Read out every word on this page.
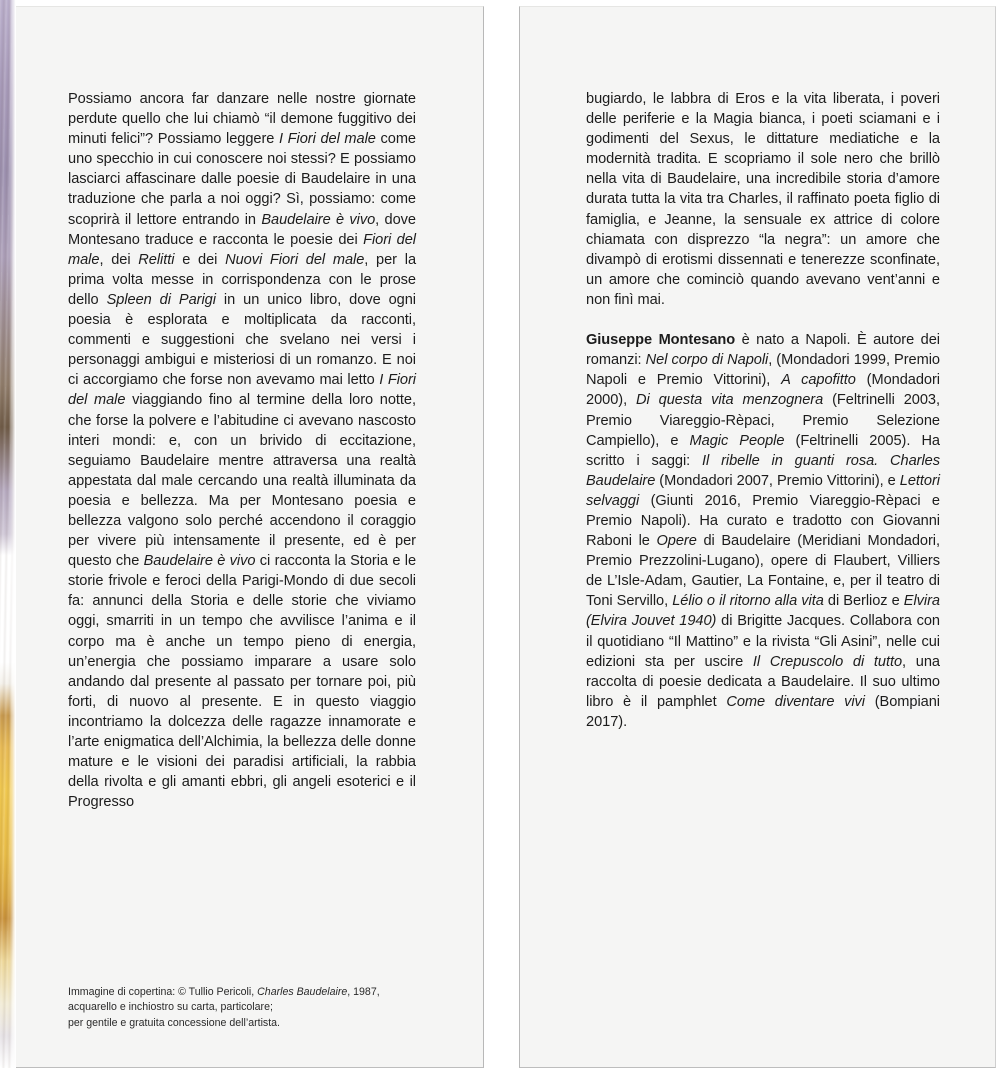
Possiamo ancora far danzare nelle nostre giornate perdute quello che lui chiamò “il demone fuggitivo dei minuti felici”? Possiamo leggere I Fiori del male come uno specchio in cui conoscere noi stessi? E possiamo lasciarci affascinare dalle poesie di Baudelaire in una traduzione che parla a noi oggi? Sì, possiamo: come scoprirà il lettore entrando in Baudelaire è vivo, dove Montesano traduce e racconta le poesie dei Fiori del male, dei Relitti e dei Nuovi Fiori del male, per la prima volta messe in corrispondenza con le prose dello Spleen di Parigi in un unico libro, dove ogni poesia è esplorata e moltiplicata da racconti, commenti e suggestioni che svelano nei versi i personaggi ambigui e misteriosi di un romanzo. E noi ci accorgiamo che forse non avevamo mai letto I Fiori del male viaggiando fino al termine della loro notte, che forse la polvere e l’abitudine ci avevano nascosto interi mondi: e, con un brivido di eccitazione, seguiamo Baudelaire mentre attraversa una realtà appestata dal male cercando una realtà illuminata da poesia e bellezza. Ma per Montesano poesia e bellezza valgono solo perché accendono il coraggio per vivere più intensamente il presente, ed è per questo che Baudelaire è vivo ci racconta la Storia e le storie frivole e feroci della Parigi-Mondo di due secoli fa: annunci della Storia e delle storie che viviamo oggi, smarriti in un tempo che avvilisce l’anima e il corpo ma è anche un tempo pieno di energia, un’energia che possiamo imparare a usare solo andando dal presente al passato per tornare poi, più forti, di nuovo al presente. E in questo viaggio incontriamo la dolcezza delle ragazze innamorate e l’arte enigmatica dell’Alchimia, la bellezza delle donne mature e le visioni dei paradisi artificiali, la rabbia della rivolta e gli amanti ebbri, gli angeli esoterici e il Progresso

Immagine di copertina: © Tullio Pericoli, Charles Baudelaire, 1987, acquarello e inchiostro su carta, particolare;
per gentile e gratuita concessione dell’artista.

bugiardo, le labbra di Eros e la vita liberata, i poveri delle periferie e la Magia bianca, i poeti sciamani e i godimenti del Sexus, le dittature mediatiche e la modernità tradita. E scopriamo il sole nero che brillò nella vita di Baudelaire, una incredibile storia d’amore durata tutta la vita tra Charles, il raffinato poeta figlio di famiglia, e Jeanne, la sensuale ex attrice di colore chiamata con disprezzo “la negra”: un amore che divampò di erotismi dissennati e tenerezze sconfinate, un amore che cominciò quando avevano vent’anni e non finì mai.

Giuseppe Montesano è nato a Napoli. È autore dei romanzi: Nel corpo di Napoli, (Mondadori 1999, Premio Napoli e Premio Vittorini), A capofitto (Mondadori 2000), Di questa vita menzognera (Feltrinelli 2003, Premio Viareggio-Rèpaci, Premio Selezione Campiello), e Magic People (Feltrinelli 2005). Ha scritto i saggi: Il ribelle in guanti rosa. Charles Baudelaire (Mondadori 2007, Premio Vittorini), e Lettori selvaggi (Giunti 2016, Premio Viareggio-Rèpaci e Premio Napoli). Ha curato e tradotto con Giovanni Raboni le Opere di Baudelaire (Meridiani Mondadori, Premio Prezzolini-Lugano), opere di Flaubert, Villiers de L’Isle-Adam, Gautier, La Fontaine, e, per il teatro di Toni Servillo, Lélio o il ritorno alla vita di Berlioz e Elvira (Elvira Jouvet 1940) di Brigitte Jacques. Collabora con il quotidiano “Il Mattino” e la rivista “Gli Asini”, nelle cui edizioni sta per uscire Il Crepuscolo di tutto, una raccolta di poesie dedicata a Baudelaire. Il suo ultimo libro è il pamphlet Come diventare vivi (Bompiani 2017).
